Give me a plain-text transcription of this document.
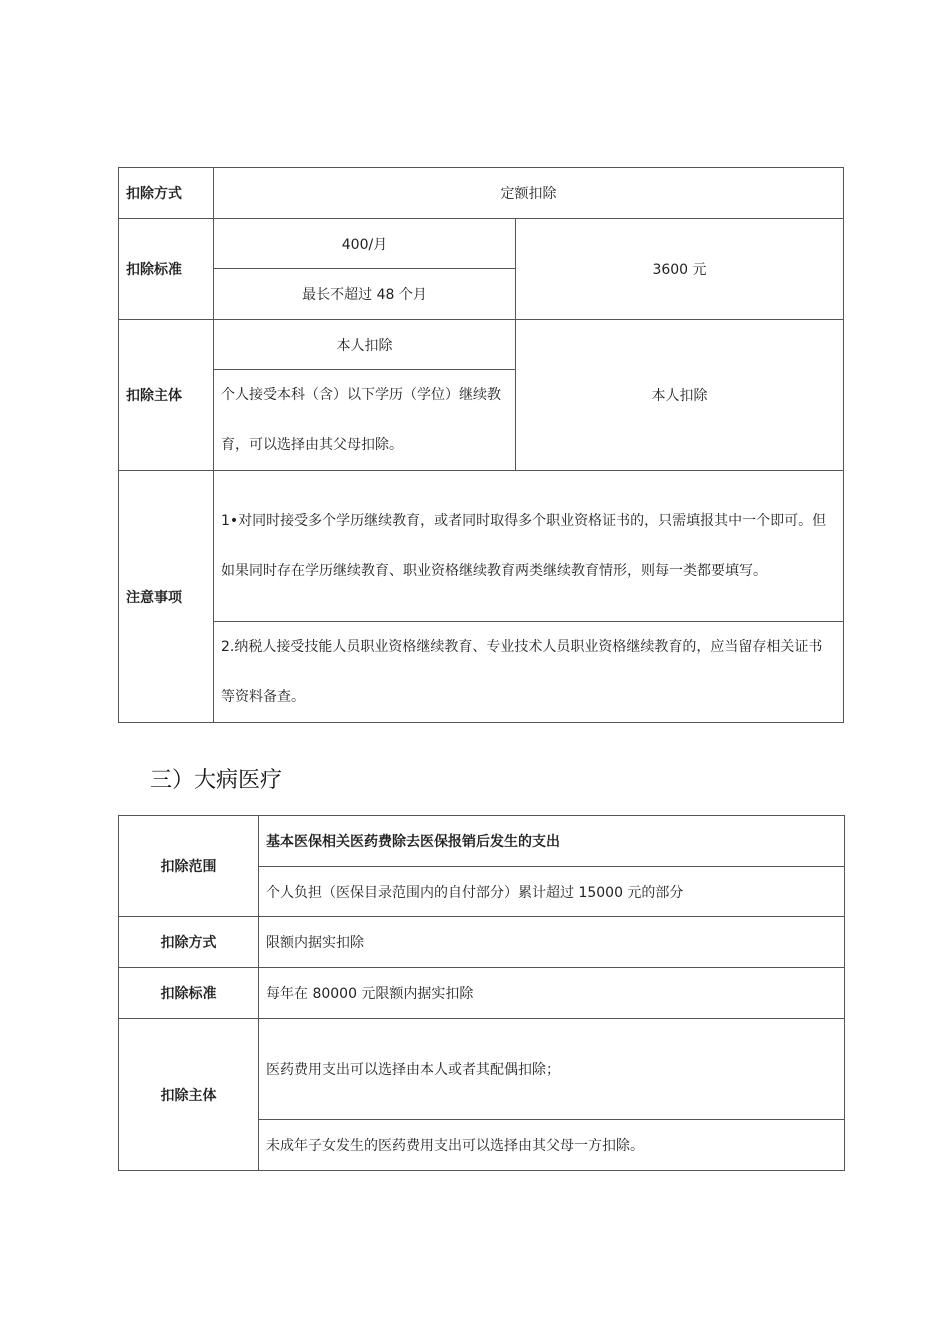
扣除方式	定额扣除	
扣除标准	400/月	3600 元
	最长不超过 48 个月	
扣除主体	本人扣除	本人扣除
	个人接受本科（含）以下学历（学位）继续教育，可以选择由其父母扣除。	
注意事项	1•对同时接受多个学历继续教育，或者同时取得多个职业资格证书的，只需填报其中一个即可。但如果同时存在学历继续教育、职业资格继续教育两类继续教育情形，则每一类都要填写。	
	2.纳税人接受技能人员职业资格继续教育、专业技术人员职业资格继续教育的，应当留存相关证书等资料备查。	
三）大病医疗
扣除范围	基本医保相关医药费除去医保报销后发生的支出
	个人负担（医保目录范围内的自付部分）累计超过 15000 元的部分
扣除方式	限额内据实扣除
扣除标准	每年在 80000 元限额内据实扣除
扣除主体	医药费用支出可以选择由本人或者其配偶扣除；
	未成年子女发生的医药费用支出可以选择由其父母一方扣除。
